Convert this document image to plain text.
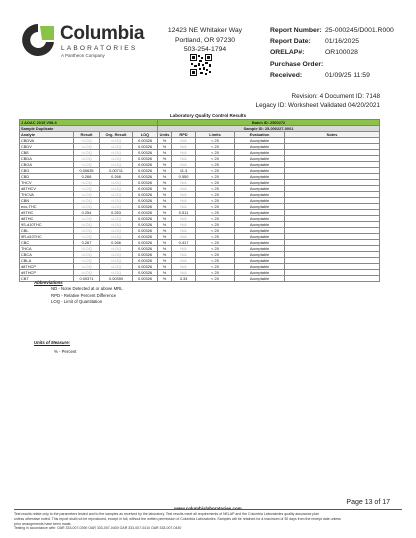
Columbia
LABORATORIES
A Pantheon Company
12423 NE Whitaker Way
Portland, OR 97230
503-254-1794
Report Number: 25-000245/D001.R000
Report Date:	01/16/2025
ORELAP#:	OR100028
Purchase Order:
Received:	01/09/25 11:59
Revision: 4 Document ID: 7148
Legacy ID: Worksheet Validated 04/20/2021
Laboratory Quality Control Results
J AOAC 2015 V98-6				Batch ID: 2500272				
Sample Duplicate				Sample ID: 25-000227-0001				
Analyte	Result	Org. Result	LOQ	Units	RPD	Limits	Evaluation	Notes
CBDVA	<LOQ	<LOQ	0.00326	%	N/A	< 20	Acceptable	
CBDV	<LOQ	<LOQ	0.00326	%	N/A	< 20	Acceptable	
CBE	<LOQ	<LOQ	0.00326	%	N/A	< 20	Acceptable	
CBDA	<LOQ	<LOQ	0.00326	%	N/A	< 20	Acceptable	
CBGA	<LOQ	<LOQ	0.00326	%	N/A	< 20	Acceptable	
CBG	0.00635	0.00711	0.00326	%	11.3	< 20	Acceptable	
CBD	0.268	0.266	0.00326	%	0.550	< 20	Acceptable	
THCV	<LOQ	<LOQ	0.00326	%	N/A	< 20	Acceptable	
d8THCV	<LOQ	<LOQ	0.00326	%	N/A	< 20	Acceptable	
THCVA	<LOQ	<LOQ	0.00326	%	N/A	< 20	Acceptable	
CBN	<LOQ	<LOQ	0.00326	%	N/A	< 20	Acceptable	
exo-THC	<LOQ	<LOQ	0.00326	%	N/A	< 20	Acceptable	
d9THC	0.254	0.253	0.00326	%	0.511	< 20	Acceptable	
d8THC	<LOQ	<LOQ	0.00326	%	N/A	< 20	Acceptable	
9S-d10THC	<LOQ	<LOQ	0.00326	%	N/A	< 20	Acceptable	
CBL	<LOQ	<LOQ	0.00326	%	N/A	< 20	Acceptable	
9R-d10THC	<LOQ	<LOQ	0.00326	%	N/A	< 20	Acceptable	
CBC	0.267	0.266	0.00326	%	0.417	< 20	Acceptable	
THCA	<LOQ	<LOQ	0.00326	%	N/A	< 20	Acceptable	
CBCA	<LOQ	<LOQ	0.00326	%	N/A	< 20	Acceptable	
CBLA	<LOQ	<LOQ	0.00326	%	N/A	< 20	Acceptable	
d8THCP	<LOQ	<LOQ	0.00326	%	N/A	< 20	Acceptable	
d9THCP	<LOQ	<LOQ	0.00326	%	N/A	< 20	Acceptable	
CBT	0.00371	0.00359	0.00326	%	3.33	< 20	Acceptable	
Abbreviations
ND - None Detected at or above MRL
RPD - Relative Percent Difference
LOQ - Limit of Quantitation
Units of Measure:
% - Percent
Page 13 of 17
www.columbialaboratories.com
Test results relate only to the parameters tested and to the samples as received by the laboratory. Test results meet all requirements of NELAP and the Columbia Laboratories quality assurance plan
unless otherwise noted. This report shall not be reproduced, except in full, without the written permission of Columbia Laboratories. Samples will be retained for a maximum of 30 days from the receipt date unless
prior arrangements have been made.
Testing in accordance with: OAR 333-007-0390 OAR 333-007-0400 OAR 333-007-0410 OAR 333-007-0430
